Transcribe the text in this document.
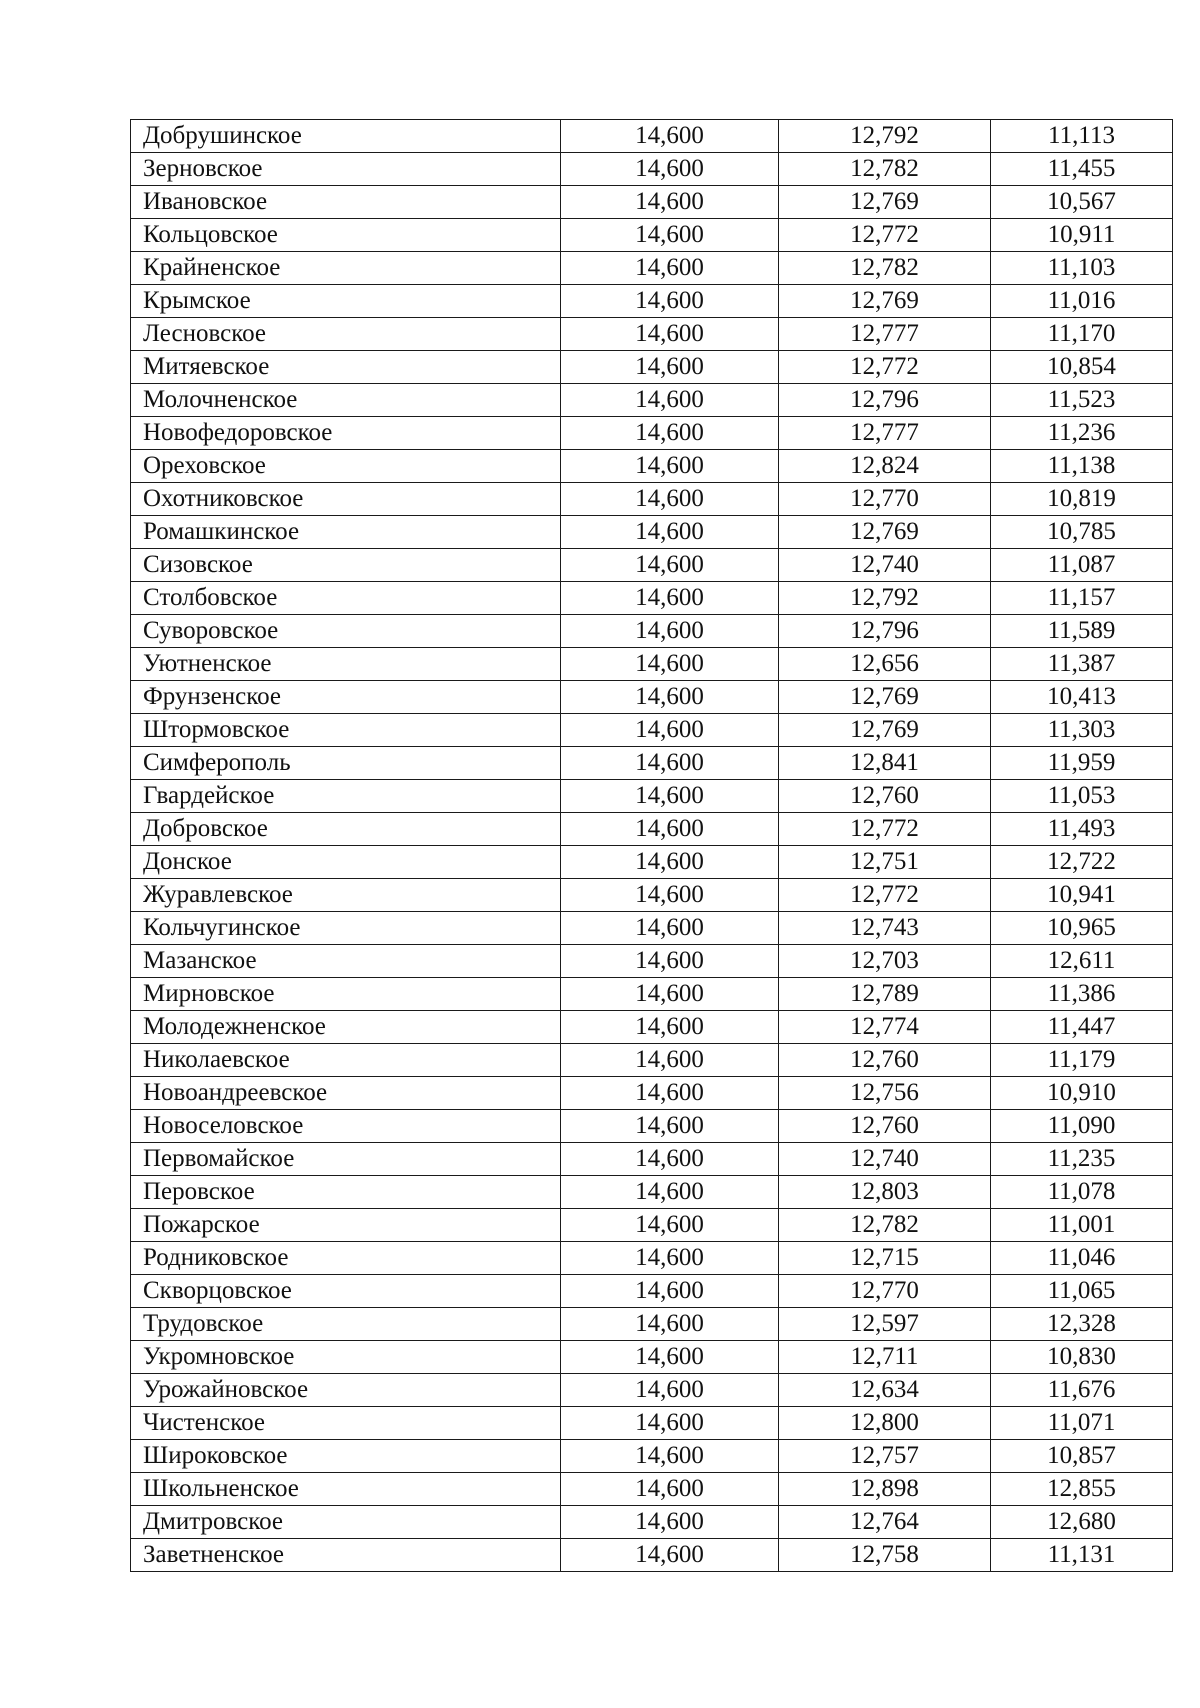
Добрушинское	14,600	12,792	11,113
Зерновское	14,600	12,782	11,455
Ивановское	14,600	12,769	10,567
Кольцовское	14,600	12,772	10,911
Крайненское	14,600	12,782	11,103
Крымское	14,600	12,769	11,016
Лесновское	14,600	12,777	11,170
Митяевское	14,600	12,772	10,854
Молочненское	14,600	12,796	11,523
Новофедоровское	14,600	12,777	11,236
Ореховское	14,600	12,824	11,138
Охотниковское	14,600	12,770	10,819
Ромашкинское	14,600	12,769	10,785
Сизовское	14,600	12,740	11,087
Столбовское	14,600	12,792	11,157
Суворовское	14,600	12,796	11,589
Уютненское	14,600	12,656	11,387
Фрунзенское	14,600	12,769	10,413
Штормовское	14,600	12,769	11,303
Симферополь	14,600	12,841	11,959
Гвардейское	14,600	12,760	11,053
Добровское	14,600	12,772	11,493
Донское	14,600	12,751	12,722
Журавлевское	14,600	12,772	10,941
Кольчугинское	14,600	12,743	10,965
Мазанское	14,600	12,703	12,611
Мирновское	14,600	12,789	11,386
Молодежненское	14,600	12,774	11,447
Николаевское	14,600	12,760	11,179
Новоандреевское	14,600	12,756	10,910
Новоселовское	14,600	12,760	11,090
Первомайское	14,600	12,740	11,235
Перовское	14,600	12,803	11,078
Пожарское	14,600	12,782	11,001
Родниковское	14,600	12,715	11,046
Скворцовское	14,600	12,770	11,065
Трудовское	14,600	12,597	12,328
Укромновское	14,600	12,711	10,830
Урожайновское	14,600	12,634	11,676
Чистенское	14,600	12,800	11,071
Широковское	14,600	12,757	10,857
Школьненское	14,600	12,898	12,855
Дмитровское	14,600	12,764	12,680
Заветненское	14,600	12,758	11,131
